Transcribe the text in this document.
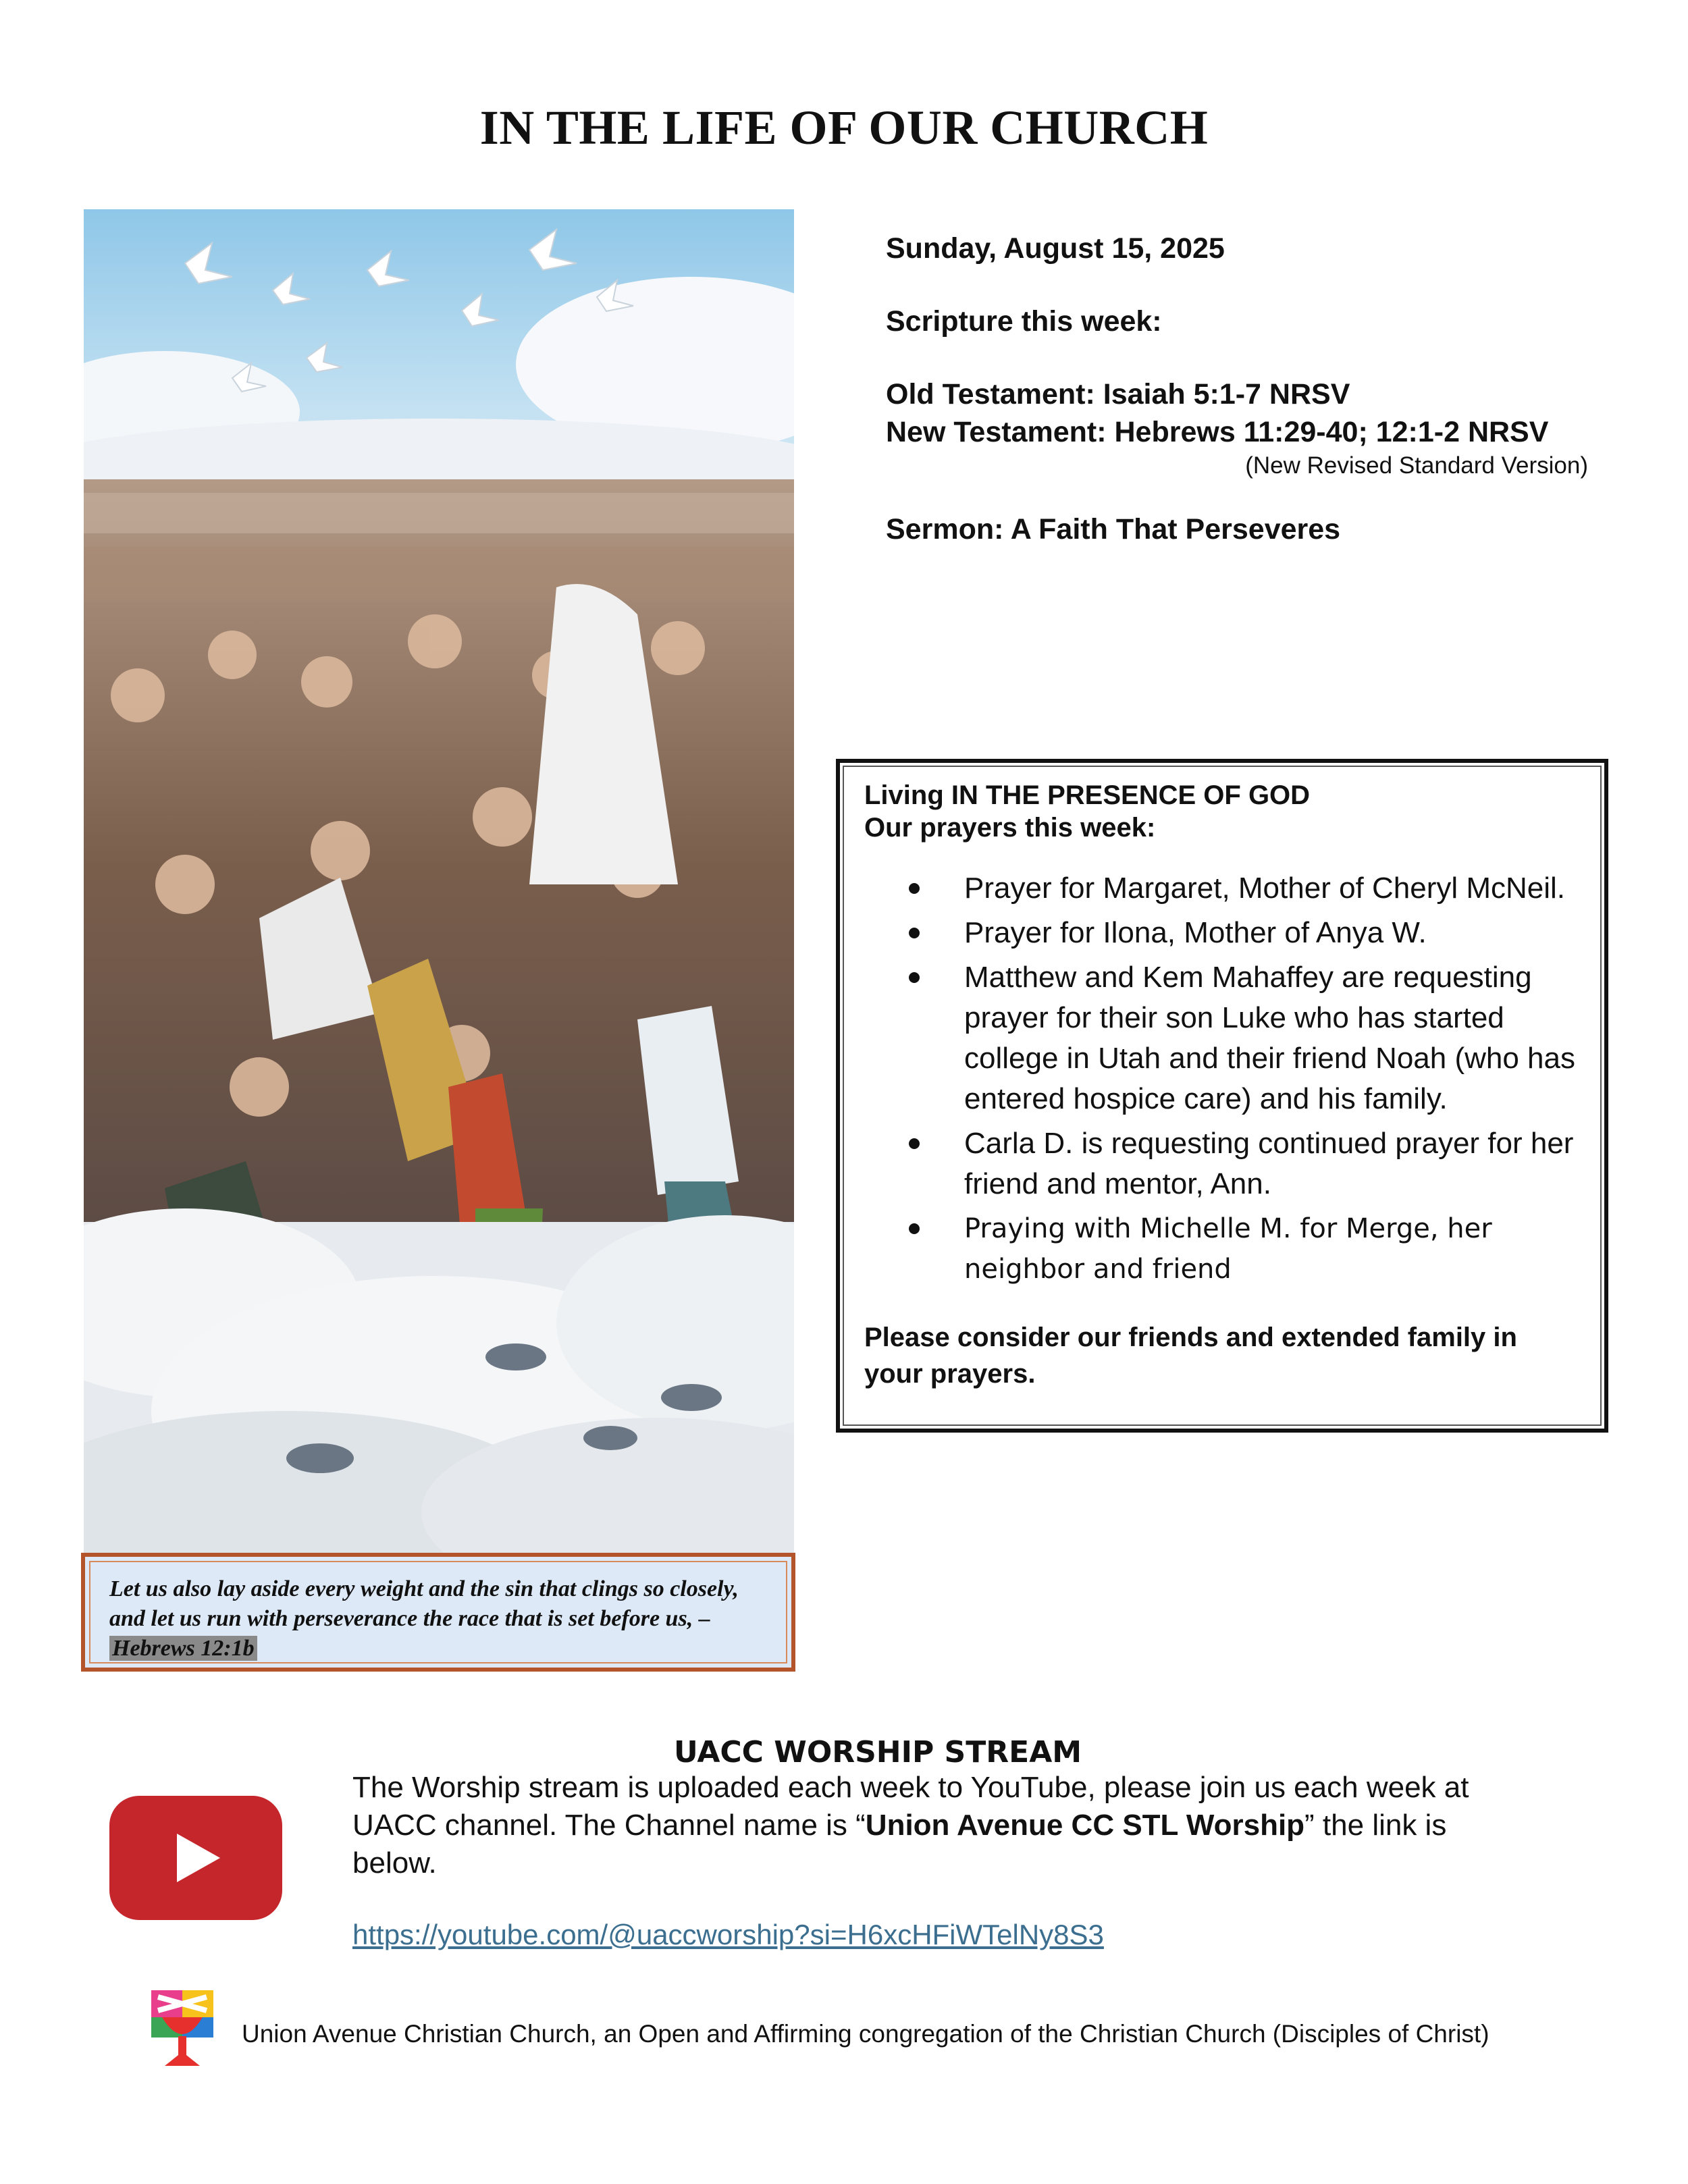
IN THE LIFE OF OUR CHURCH
Let us also lay aside every weight and the sin that clings so closely, and let us run with perseverance the race that is set before us, – Hebrews 12:1b
Sunday, August 15, 2025
Scripture this week:
Old Testament: Isaiah 5:1-7 NRSV
New Testament: Hebrews 11:29-40; 12:1-2 NRSV
(New Revised Standard Version)
Sermon: A Faith That Perseveres
Living IN THE PRESENCE OF GOD
Our prayers this week:
Prayer for Margaret, Mother of Cheryl McNeil.
Prayer for Ilona, Mother of Anya W.
Matthew and Kem Mahaffey are requesting prayer for their son Luke who has started college in Utah and their friend Noah (who has entered hospice care) and his family.
Carla D. is requesting continued prayer for her friend and mentor, Ann.
Praying with Michelle M. for Merge, her neighbor and friend
Please consider our friends and extended family in your prayers.
UACC WORSHIP STREAM
The Worship stream is uploaded each week to YouTube, please join us each week at UACC channel. The Channel name is “Union Avenue CC STL Worship” the link is below.
https://youtube.com/@uaccworship?si=H6xcHFiWTelNy8S3
Union Avenue Christian Church, an Open and Affirming congregation of the Christian Church (Disciples of Christ)
